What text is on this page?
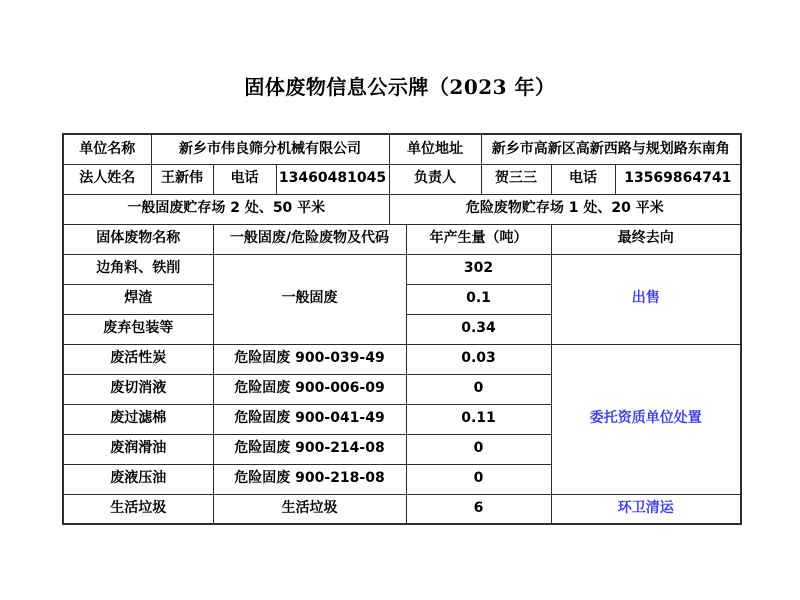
固体废物信息公示牌（2023 年）
单位名称	新乡市伟良筛分机械有限公司			单位地址		新乡市高新区高新西路与规划路东南角		
法人姓名	王新伟	电话	13460481045	负责人		贺三三	电话	13569864741
一般固废贮存场 2 处、50 平米				危险废物贮存场 1 处、20 平米				
固体废物名称		一般固废/危险废物及代码			年产生量（吨）		最终去向	
边角料、铁削		一般固废			302		出售	
焊渣					0.1			
废弃包装等					0.34			
废活性炭		危险固废 900-039-49			0.03		委托资质单位处置	
废切消液		危险固废 900-006-09			0			
废过滤棉		危险固废 900-041-49			0.11			
废润滑油		危险固废 900-214-08			0			
废液压油		危险固废 900-218-08			0			
生活垃圾		生活垃圾			6		环卫清运	
